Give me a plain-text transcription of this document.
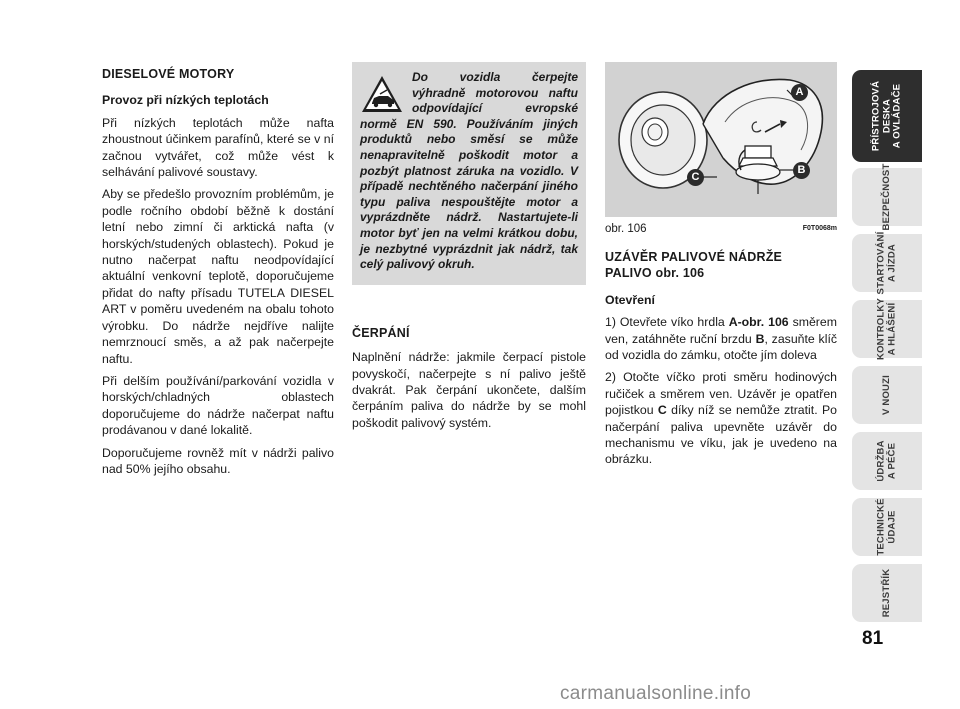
DIESELOVÉ MOTORY
Provoz při nízkých teplotách

Při nízkých teplotách může nafta zhoustnout účinkem parafínů, které se v ní začnou vytvářet, což může vést k selhávání palivové soustavy.

Aby se předešlo provozním problémům, je podle ročního období běžně k dostání letní nebo zimní či arktická nafta (v horských/studených oblastech). Pokud je nutno načerpat naftu neodpovídající aktuální venkovní teplotě, doporučujeme přidat do nafty přísadu TUTELA DIESEL ART v poměru uvedeném na obalu tohoto výrobku. Do nádrže nejdříve nalijte nemrznoucí směs, a až pak načerpejte naftu.

Při delším používání/parkování vozidla v horských/chladných oblastech doporučujeme do nádrže načerpat naftu prodávanou v dané lokalitě.

Doporučujeme rovněž mít v nádrži palivo nad 50% jejího obsahu.

Do vozidla čerpejte výhradně motorovou naftu odpovídající evropské normě EN 590. Používáním jiných produktů nebo směsí se může nenapravitelně poškodit motor a pozbýt platnost záruka na vozidlo. V případě nechtěného načerpání jiného typu paliva nespouštějte motor a vyprázdněte nádrž. Nastartujete-li motor byť jen na velmi krátkou dobu, je nezbytné vyprázdnit jak nádrž, tak celý palivový okruh.
ČERPÁNÍ

Naplnění nádrže: jakmile čerpací pistole povyskočí, načerpejte s ní palivo ještě dvakrát. Pak čerpání ukončete, dalším čerpáním paliva do nádrže by se mohl poškodit palivový systém.

A
B
C
obr. 106	F0T0068m
UZÁVĚR PALIVOVÉ NÁDRŽE
PALIVO obr. 106
Otevření

1) Otevřete víko hrdla A-obr. 106 směrem ven, zatáhněte ruční brzdu B, zasuňte klíč od vozidla do zámku, otočte jím doleva

2) Otočte víčko proti směru hodinových ručiček a směrem ven. Uzávěr je opatřen pojistkou C díky níž se nemůže ztratit. Po načerpání paliva upevněte uzávěr do mechanismu ve víku, jak je uvedeno na obrázku.

PŘÍSTROJOVÁ DESKA A OVLÁDAČE
BEZPEČNOST
STARTOVÁNÍ A JÍZDA
KONTROLKY A HLÁŠENÍ
V NOUZI
ÚDRŽBA A PÉČE
TECHNICKÉ ÚDAJE
REJSTŘÍK
81
carmanualsonline.info
